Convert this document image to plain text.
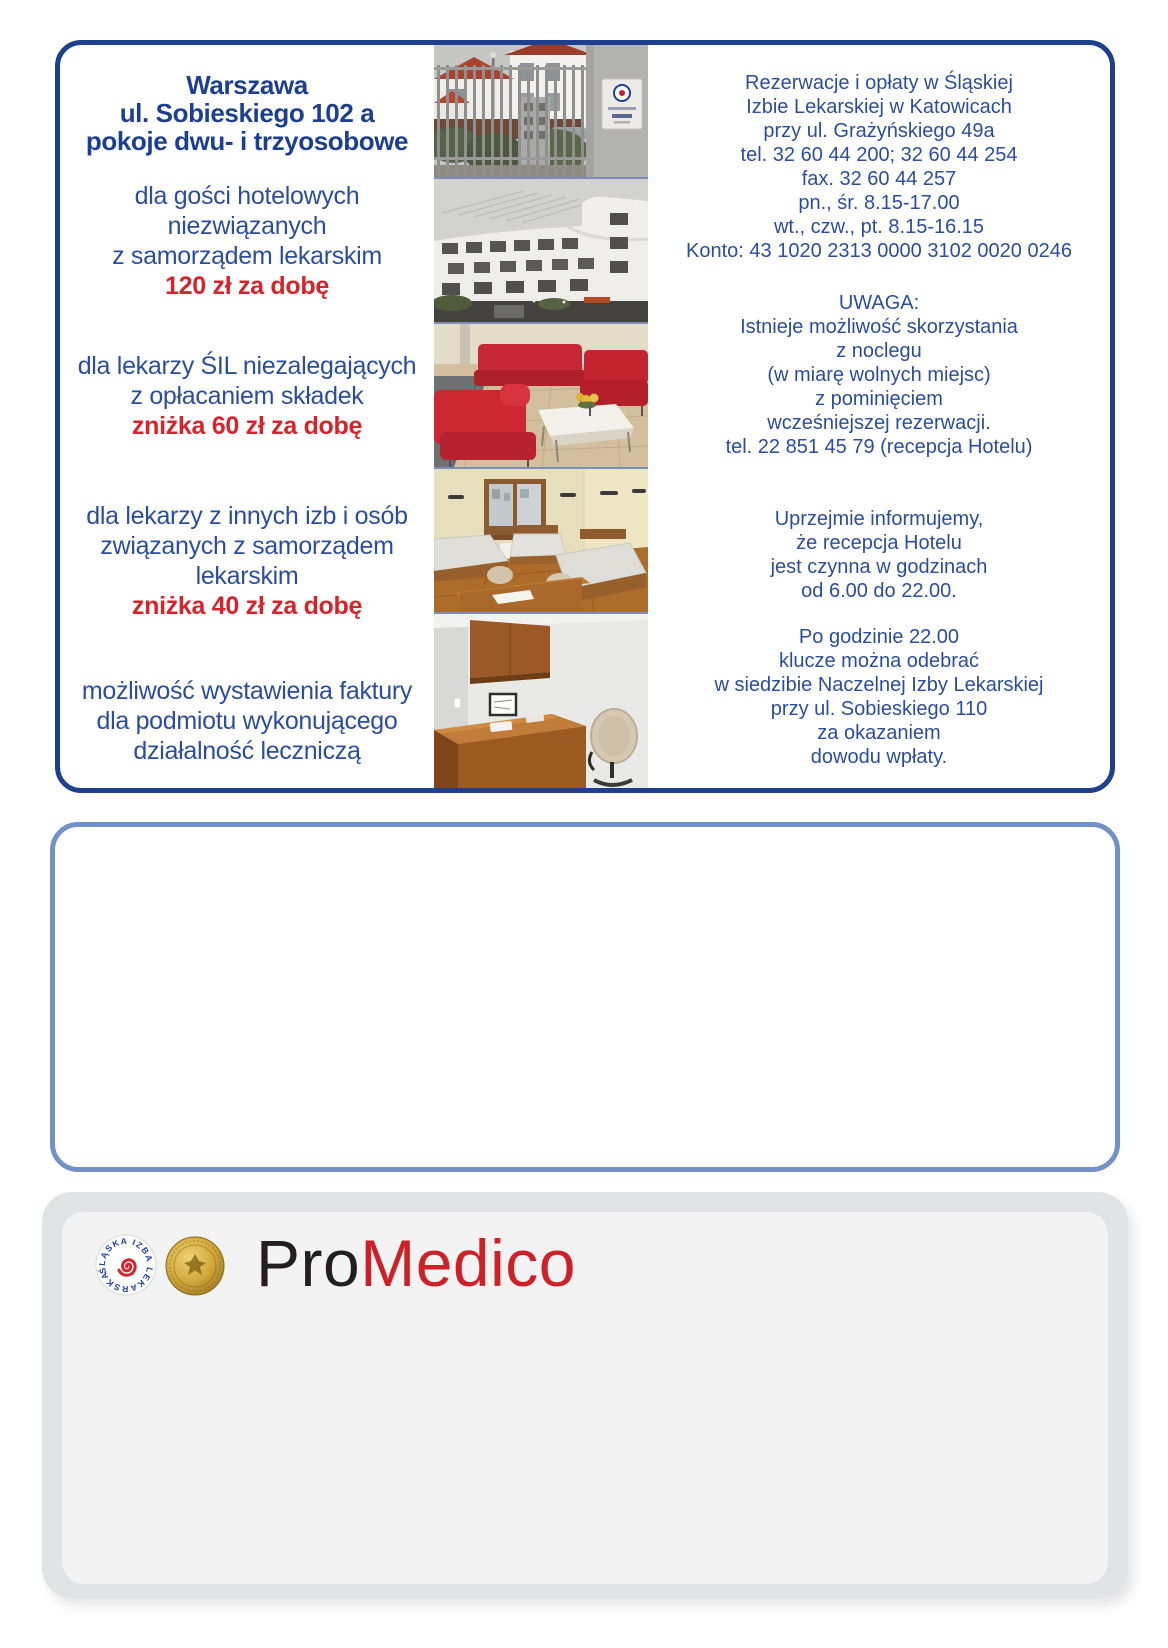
Warszawa
ul. Sobieskiego 102 a
pokoje dwu- i trzyosobowe
dla gości hotelowych
niezwiązanych
z samorządem lekarskim
120 zł za dobę
dla lekarzy ŚIL niezalegających
z opłacaniem składek
zniżka 60 zł za dobę
dla lekarzy z innych izb i osób
związanych z samorządem
lekarskim
zniżka 40 zł za dobę
możliwość wystawienia faktury
dla podmiotu wykonującego
działalność leczniczą
Rezerwacje i opłaty w Śląskiej
Izbie Lekarskiej w Katowicach
przy ul. Grażyńskiego 49a
tel. 32 60 44 200; 32 60 44 254
fax. 32 60 44 257
pn., śr. 8.15-17.00
wt., czw., pt. 8.15-16.15
Konto: 43 1020 2313 0000 3102 0020 0246
UWAGA:
Istnieje możliwość skorzystania
z noclegu
(w miarę wolnych miejsc)
z pominięciem
wcześniejszej rezerwacji.
tel. 22 851 45 79 (recepcja Hotelu)
Uprzejmie informujemy,
że recepcja Hotelu
jest czynna w godzinach
od 6.00 do 22.00.
Po godzinie 22.00
klucze można odebrać
w siedzibie Naczelnej Izby Lekarskiej
przy ul. Sobieskiego 110
za okazaniem
dowodu wpłaty.
ŚLĄSKA IZBA LEKARSKA	ProMedico
